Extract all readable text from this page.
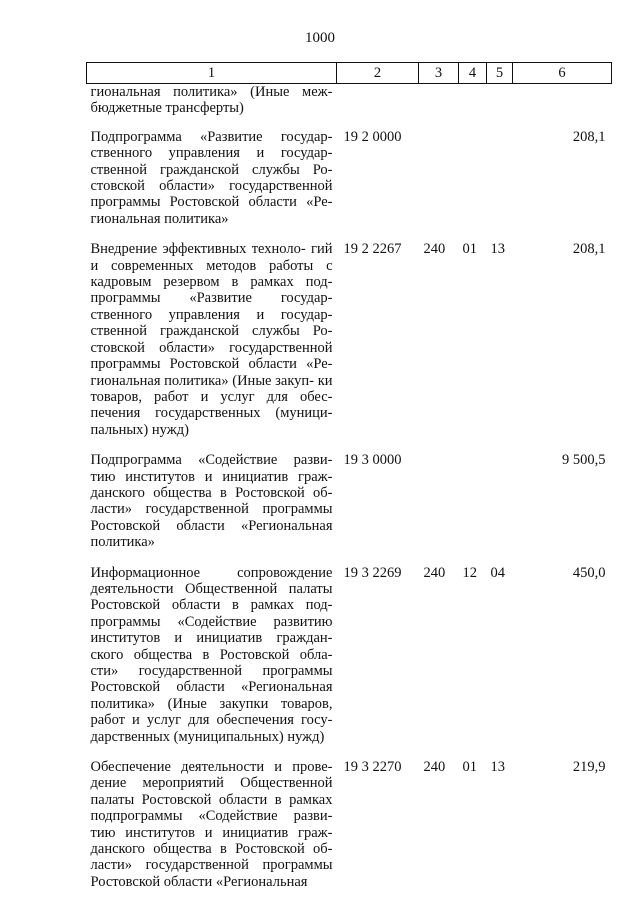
1000
1	2	3	4	5	6
гиональная политика» (Иные меж- бюджетные трансферты)					
Подпрограмма «Развитие государ- ственного управления и государ- ственной гражданской службы Ро- стовской области» государственной программы Ростовской области «Ре- гиональная политика»	19 2 0000				208,1
Внедрение эффективных техноло- гий и современных методов работы с кадровым резервом в рамках под- программы «Развитие государ- ственного управления и государ- ственной гражданской службы Ро- стовской области» государственной программы Ростовской области «Ре- гиональная политика» (Иные закуп- ки товаров, работ и услуг для обес- печения государственных (муници- пальных) нужд)	19 2 2267	240	01	13	208,1
Подпрограмма «Содействие разви- тию институтов и инициатив граж- данского общества в Ростовской об- ласти» государственной программы Ростовской области «Региональная политика»	19 3 0000				9 500,5
Информационное сопровождение деятельности Общественной палаты Ростовской области в рамках под- программы «Содействие развитию институтов и инициатив граждан- ского общества в Ростовской обла- сти» государственной программы Ростовской области «Региональная политика» (Иные закупки товаров, работ и услуг для обеспечения госу- дарственных (муниципальных) нужд)	19 3 2269	240	12	04	450,0
Обеспечение деятельности и прове- дение мероприятий Общественной палаты Ростовской области в рамках подпрограммы «Содействие разви- тию институтов и инициатив граж- данского общества в Ростовской об- ласти» государственной программы Ростовской области «Региональная	19 3 2270	240	01	13	219,9
